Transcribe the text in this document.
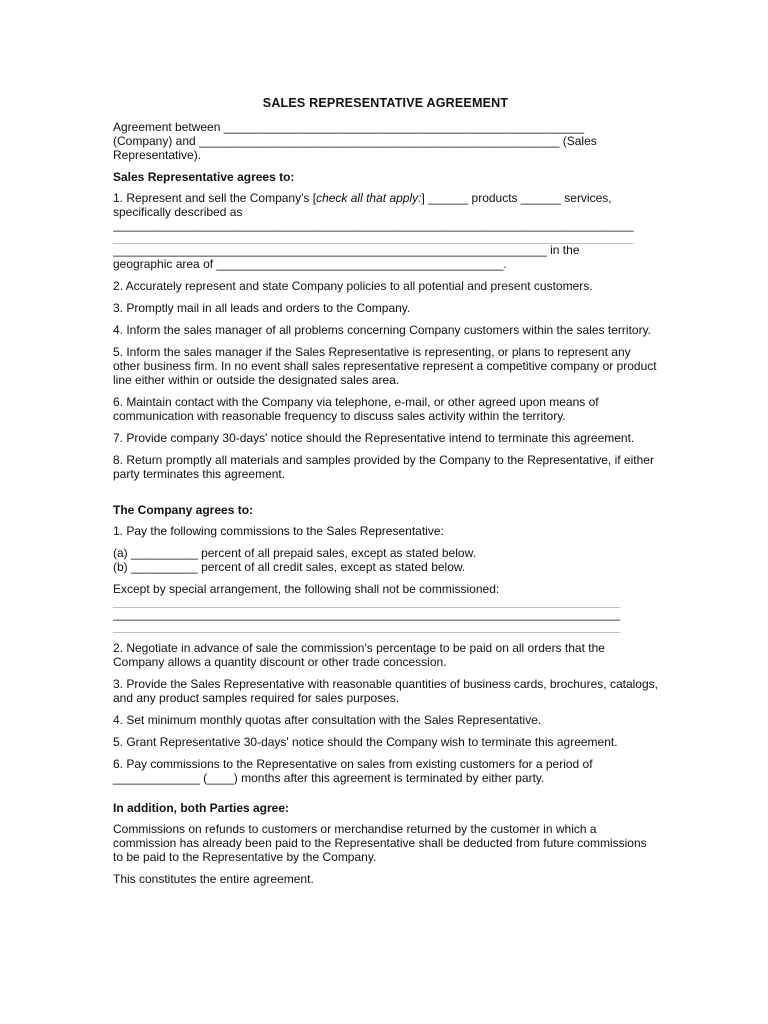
SALES REPRESENTATIVE AGREEMENT

Agreement between ______________________________________________________

(Company) and ______________________________________________________ (Sales

Representative).

Sales Representative agrees to:

1. Represent and sell the Company's [check all that apply:] ______ products ______ services,

specifically described as

______________________________________________________________________________

______________________________________________________________________________

_________________________________________________________________ in the

geographic area of ___________________________________________.

2. Accurately represent and state Company policies to all potential and present customers.

3. Promptly mail in all leads and orders to the Company.

4. Inform the sales manager of all problems concerning Company customers within the sales territory.

5. Inform the sales manager if the Sales Representative is representing, or plans to represent any other business firm. In no event shall sales representative represent a competitive company or product line either within or outside the designated sales area.

6. Maintain contact with the Company via telephone, e-mail, or other agreed upon means of communication with reasonable frequency to discuss sales activity within the territory.

7. Provide company 30-days' notice should the Representative intend to terminate this agreement.

8. Return promptly all materials and samples provided by the Company to the Representative, if either party terminates this agreement.

The Company agrees to:

1. Pay the following commissions to the Sales Representative:

(a) __________ percent of all prepaid sales, except as stated below.

(b) __________ percent of all credit sales, except as stated below.

Except by special arrangement, the following shall not be commissioned:

____________________________________________________________________________

____________________________________________________________________________

____________________________________________________________________________

2. Negotiate in advance of sale the commission's percentage to be paid on all orders that the Company allows a quantity discount or other trade concession.

3. Provide the Sales Representative with reasonable quantities of business cards, brochures, catalogs, and any product samples required for sales purposes.

4. Set minimum monthly quotas after consultation with the Sales Representative.

5. Grant Representative 30-days' notice should the Company wish to terminate this agreement.

6. Pay commissions to the Representative on sales from existing customers for a period of

_____________ (____) months after this agreement is terminated by either party.

In addition, both Parties agree:

Commissions on refunds to customers or merchandise returned by the customer in which a commission has already been paid to the Representative shall be deducted from future commissions to be paid to the Representative by the Company.

This constitutes the entire agreement.
